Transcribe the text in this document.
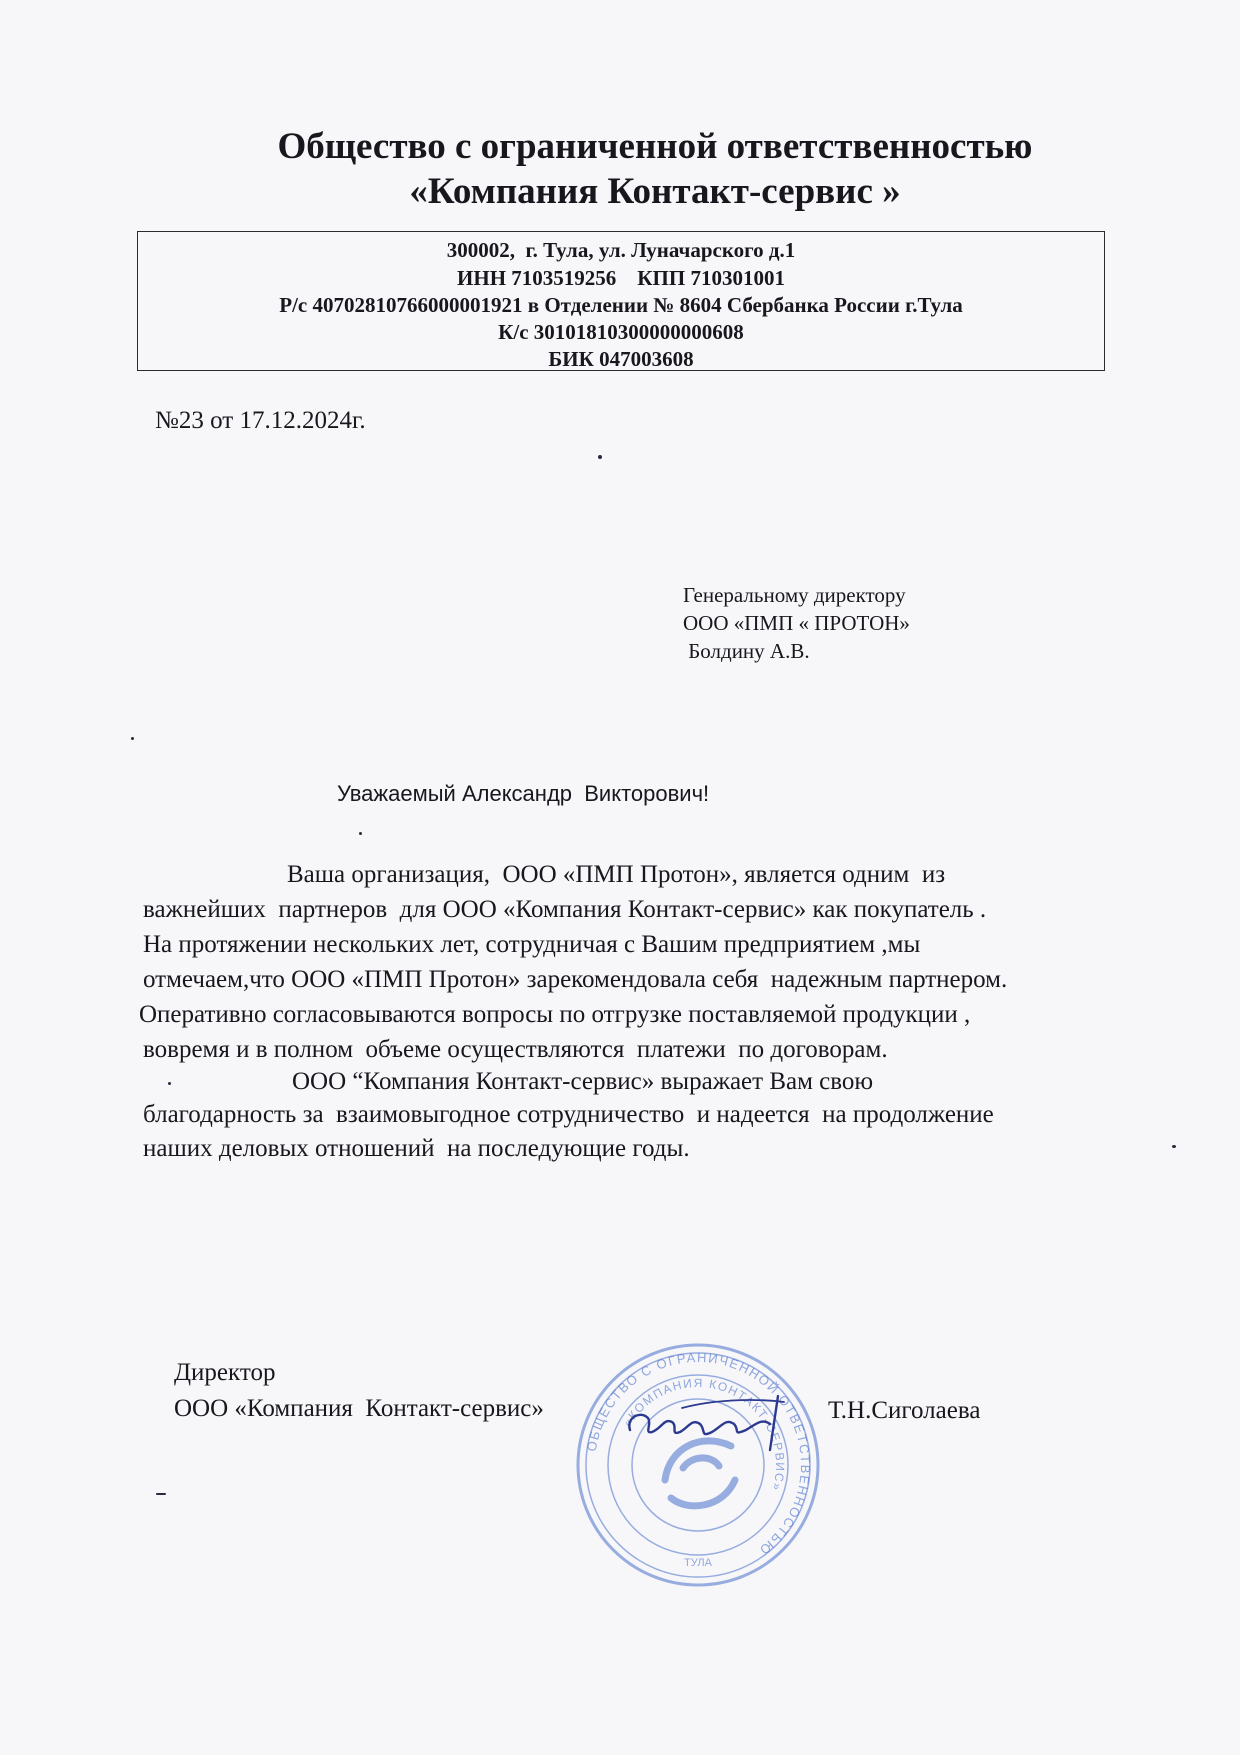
Общество с ограниченной ответственностью
«Компания Контакт-сервис »
300002,  г. Тула, ул. Луначарского д.1
ИНН 7103519256    КПП 710301001
Р/с 40702810766000001921 в Отделении № 8604 Сбербанка России г.Тула
К/с 30101810300000000608
БИК 047003608
№23 от 17.12.2024г.
Генеральному директору
ООО «ПМП « ПРОТОН»
Болдину А.В.
Уважаемый Александр  Викторович!
Ваша организация,  ООО «ПМП Протон», является одним  из
важнейших  партнеров  для ООО «Компания Контакт-сервис» как покупатель .
На протяжении нескольких лет, сотрудничая с Вашим предприятием ,мы
отмечаем,что ООО «ПМП Протон» зарекомендовала себя  надежным партнером.
Оперативно согласовываются вопросы по отгрузке поставляемой продукции ,
вовремя и в полном  объеме осуществляются  платежи  по договорам.
ООО “Компания Контакт-сервис» выражает Вам свою
благодарность за  взаимовыгодное сотрудничество  и надеется  на продолжение
наших деловых отношений  на последующие годы.
Директор
ООО «Компания  Контакт-сервис»	Т.Н.Сиголаева
ОБЩЕСТВО С ОГРАНИЧЕННОЙ ОТВЕТСТВЕННОСТЬЮ
«КОМПАНИЯ КОНТАКТ-СЕРВИС»
ТУЛА
